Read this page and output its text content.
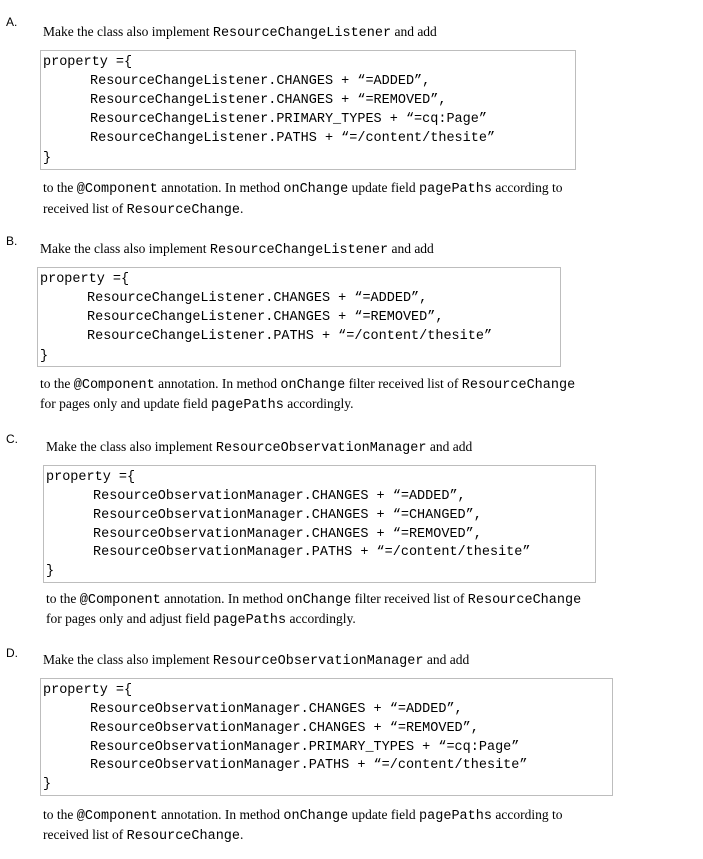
A.
Make the class also implement ResourceChangeListener and add

property ={

ResourceChangeListener.CHANGES + “=ADDED”,

ResourceChangeListener.CHANGES + “=REMOVED”,

ResourceChangeListener.PRIMARY_TYPES + “=cq:Page”

ResourceChangeListener.PATHS + “=/content/thesite”

}

to the @Component annotation. In method onChange update field pagePaths according to
received list of ResourceChange.
B. Make the class also implement ResourceChangeListener and add

property ={

ResourceChangeListener.CHANGES + “=ADDED”,

ResourceChangeListener.CHANGES + “=REMOVED”,

ResourceChangeListener.PATHS + “=/content/thesite”

}

to the @Component annotation. In method onChange filter received list of ResourceChange
for pages only and update field pagePaths accordingly.
C. Make the class also implement ResourceObservationManager and add

property ={

ResourceObservationManager.CHANGES + “=ADDED”,

ResourceObservationManager.CHANGES + “=CHANGED”,

ResourceObservationManager.CHANGES + “=REMOVED”,

ResourceObservationManager.PATHS + “=/content/thesite”

}

to the @Component annotation. In method onChange filter received list of ResourceChange
for pages only and adjust field pagePaths accordingly.
D. Make the class also implement ResourceObservationManager and add

property ={

ResourceObservationManager.CHANGES + “=ADDED”,

ResourceObservationManager.CHANGES + “=REMOVED”,

ResourceObservationManager.PRIMARY_TYPES + “=cq:Page”

ResourceObservationManager.PATHS + “=/content/thesite”

}

to the @Component annotation. In method onChange update field pagePaths according to
received list of ResourceChange.
